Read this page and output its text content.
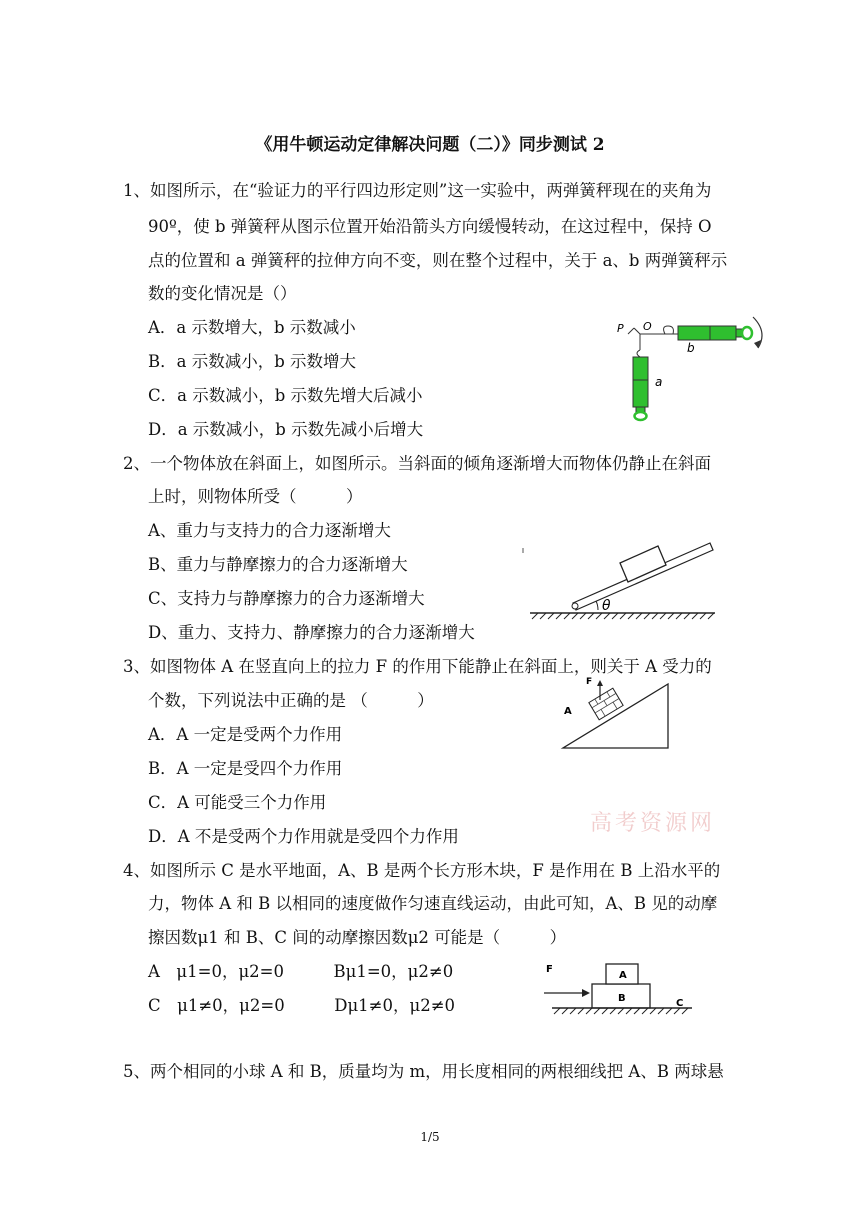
《用牛顿运动定律解决问题（二）》同步测试 2
1、如图所示，在“验证力的平行四边形定则”这一实验中，两弹簧秤现在的夹角为
90º，使 b 弹簧秤从图示位置开始沿箭头方向缓慢转动，在这过程中，保持 O
点的位置和 a 弹簧秤的拉伸方向不变，则在整个过程中，关于 a、b 两弹簧秤示
数的变化情况是（）
A．a 示数增大，b 示数减小
B．a 示数减小，b 示数增大
C．a 示数减小，b 示数先增大后减小
D．a 示数减小，b 示数先减小后增大
P O
b
a
2、一个物体放在斜面上，如图所示。当斜面的倾角逐渐增大而物体仍静止在斜面
上时，则物体所受（　　　）
A、重力与支持力的合力逐渐增大
B、重力与静摩擦力的合力逐渐增大
C、支持力与静摩擦力的合力逐渐增大
D、重力、支持力、静摩擦力的合力逐渐增大
θ
3、如图物体 A 在竖直向上的拉力 F 的作用下能静止在斜面上，则关于 A 受力的
个数，下列说法中正确的是 （　　　）
A．A 一定是受两个力作用
B．A 一定是受四个力作用
C．A 可能受三个力作用
D．A 不是受两个力作用就是受四个力作用
F
A
高考资源网
4、如图所示 C 是水平地面，A、B 是两个长方形木块，F 是作用在 B 上沿水平的
力，物体 A 和 B 以相同的速度做作匀速直线运动，由此可知，A、B 见的动摩
擦因数μ1 和 B、C 间的动摩擦因数μ2 可能是（　　　）
A　μ1=0，μ2=0　　　Bμ1=0，μ2≠0
C　μ1≠0，μ2=0　　　Dμ1≠0，μ2≠0
F
B
A
C
5、两个相同的小球 A 和 B，质量均为 m，用长度相同的两根细线把 A、B 两球悬
1/5
